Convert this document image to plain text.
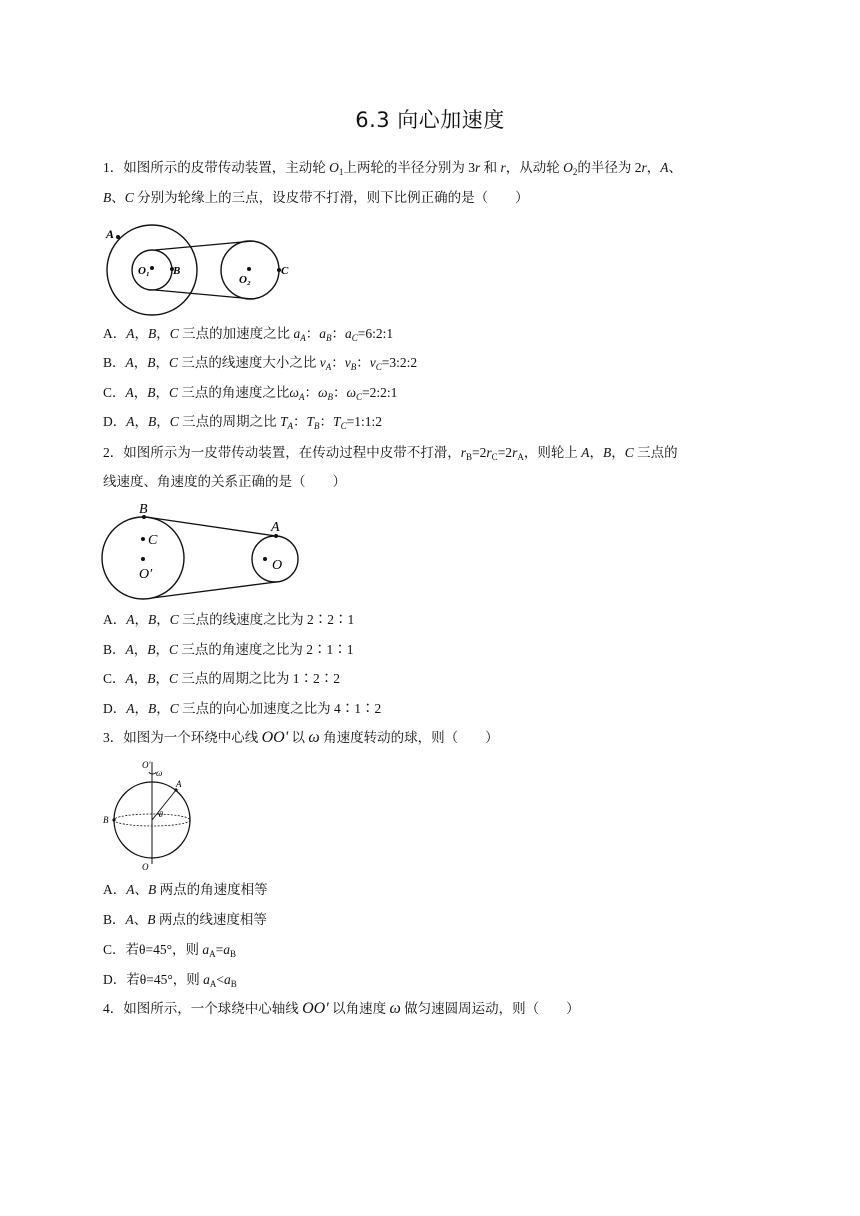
6.3 向心加速度
1．如图所示的皮带传动装置，主动轮 $O_1$上两轮的半径分别为 3r 和 r，从动轮 $O_2$的半径为 2r，A、
B、C 分别为轮缘上的三点，设皮带不打滑，则下比例正确的是（　　）
A
O₁ B
O₂
C
A．A，B，C 三点的加速度之比 $a_A$：$a_B$：$a_C=6:2:1$
B．A，B，C 三点的线速度大小之比 $v_A$：$v_B$：$v_C=3:2:2$
C．A，B，C 三点的角速度之比$\omega_A$：$\omega_B$：$\omega_C=2:2:1$
D．A，B，C 三点的周期之比 $T_A$：$T_B$：$T_C=1:1:2$
2．如图所示为一皮带传动装置，在传动过程中皮带不打滑，$r_B=2r_C=2r_A$，则轮上 A，B，C 三点的
线速度、角速度的关系正确的是（　　）
B
C
O′
A
O
A．A，B，C 三点的线速度之比为 2∶2∶1
B．A，B，C 三点的角速度之比为 2∶1∶1
C．A，B，C 三点的周期之比为 1∶2∶2
D．A，B，C 三点的向心加速度之比为 4∶1∶2
3．如图为一个环绕中心线 OO' 以 ω 角速度转动的球，则（　　）
O'
ω
A
θ
B
O
A．A、B 两点的角速度相等
B．A、B 两点的线速度相等
C．若θ=45°，则 $a_A=a_B$
D．若θ=45°，则 $a_A<a_B$
4．如图所示，一个球绕中心轴线 OO′ 以角速度 ω 做匀速圆周运动，则（　　）
